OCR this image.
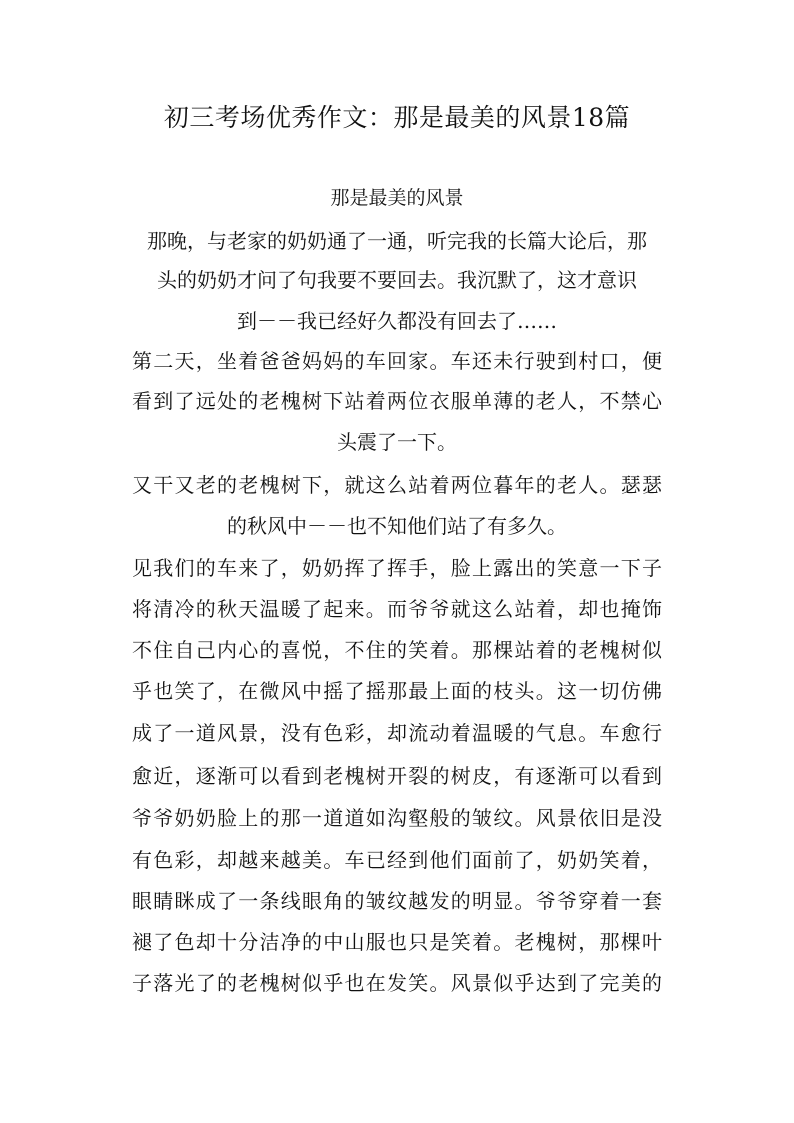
初三考场优秀作文：那是最美的风景18篇
那是最美的风景
那晚，与老家的奶奶通了一通，听完我的长篇大论后，那
头的奶奶才问了句我要不要回去。我沉默了，这才意识
到－－我已经好久都没有回去了……
第二天，坐着爸爸妈妈的车回家。车还未行驶到村口，便
看到了远处的老槐树下站着两位衣服单薄的老人，不禁心
头震了一下。
又干又老的老槐树下，就这么站着两位暮年的老人。瑟瑟
的秋风中－－也不知他们站了有多久。
见我们的车来了，奶奶挥了挥手，脸上露出的笑意一下子
将清冷的秋天温暖了起来。而爷爷就这么站着，却也掩饰
不住自己内心的喜悦，不住的笑着。那棵站着的老槐树似
乎也笑了，在微风中摇了摇那最上面的枝头。这一切仿佛
成了一道风景，没有色彩，却流动着温暖的气息。车愈行
愈近，逐渐可以看到老槐树开裂的树皮，有逐渐可以看到
爷爷奶奶脸上的那一道道如沟壑般的皱纹。风景依旧是没
有色彩，却越来越美。车已经到他们面前了，奶奶笑着，
眼睛眯成了一条线眼角的皱纹越发的明显。爷爷穿着一套
褪了色却十分洁净的中山服也只是笑着。老槐树，那棵叶
子落光了的老槐树似乎也在发笑。风景似乎达到了完美的
